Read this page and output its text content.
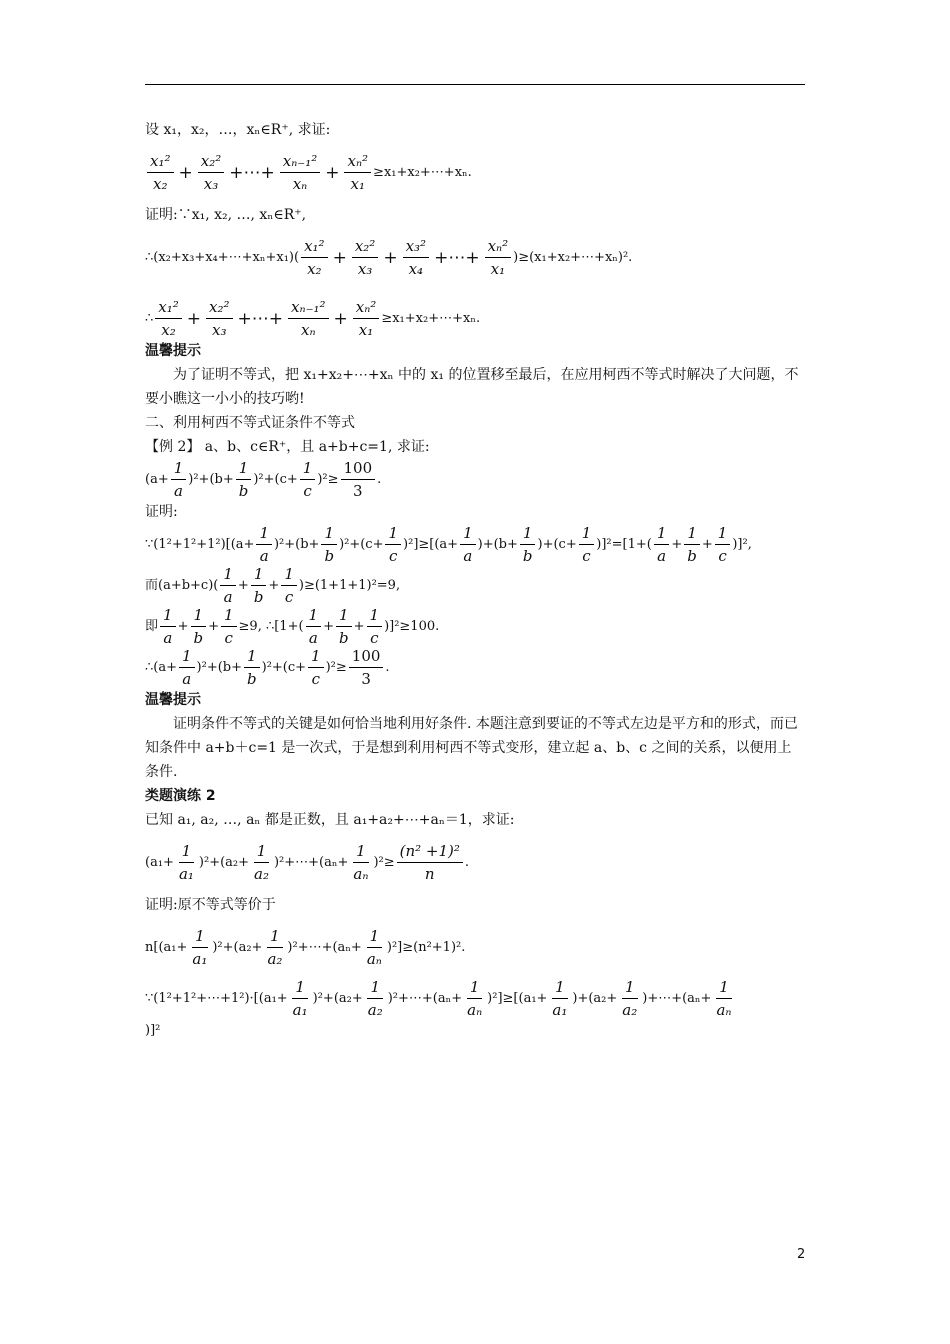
设 x₁，x₂，…，xₙ∈R⁺, 求证:
$\frac{\text{x₁²}}{\text{x₂}} + \frac{\text{x₂²}}{\text{x₃}}$ +⋯+ $\frac{\text{xₙ₋₁²}}{\text{xₙ}} + \frac{\text{xₙ²}}{\text{x₁}}$ ≥x₁+x₂+⋯+xₙ.
证明:∵x₁, x₂, …, xₙ∈R⁺,
∴(x₂+x₃+x₄+⋯+xₙ+x₁)( $\frac{\text{x₁²}}{\text{x₂}} + \frac{\text{x₂²}}{\text{x₃}} + \frac{\text{x₃²}}{\text{x₄}}$ +⋯+ $\frac{\text{xₙ²}}{\text{x₁}}$ )≥(x₁+x₂+⋯+xₙ)².
∴ $\frac{\text{x₁²}}{\text{x₂}} + \frac{\text{x₂²}}{\text{x₃}}$ +⋯+ $\frac{\text{xₙ₋₁²}}{\text{xₙ}} + \frac{\text{xₙ²}}{\text{x₁}}$ ≥x₁+x₂+⋯+xₙ.
温馨提示
为了证明不等式，把 x₁+x₂+⋯+xₙ 中的 x₁ 的位置移至最后，在应用柯西不等式时解决了大问题，不要小瞧这一小小的技巧哟!
二、利用柯西不等式证条件不等式
【例 2】 a、b、c∈R⁺，且 a+b+c=1, 求证:
$(a+ \frac{1}{a} )^2+(b+ \frac{1}{b} )^2+(c+ \frac{1}{c} )^2\ge \frac{100}{3}$ .
证明:
∵(1²+1²+1²)[(a+ $\frac{1}{a} )^2+(b+ \frac{1}{b} )^2+(c+ \frac{1}{c} )^2]\ge[(a+ \frac{1}{a} )+(b+ \frac{1}{b} )+(c+ \frac{1}{c} )]^2=[1+( \frac{1}{a} + \frac{1}{b} + \frac{1}{c} )]^2$,
而$(a+b+c)( \frac{1}{a} + \frac{1}{b} + \frac{1}{c} )\ge(1+1+1)^2=9$,
即 $\frac{1}{a} + \frac{1}{b} + \frac{1}{c} \ge 9$, ∴[1+( $\frac{1}{a} + \frac{1}{b} + \frac{1}{c} )]^2\ge 100$.
∴(a+ $\frac{1}{a} )^2+(b+ \frac{1}{b} )^2+(c+ \frac{1}{c} )^2\ge \frac{100}{3}$ .
温馨提示
证明条件不等式的关键是如何恰当地利用好条件. 本题注意到要证的不等式左边是平方和的形式，而已知条件中 a+b＋c=1 是一次式，于是想到利用柯西不等式变形，建立起 a、b、c 之间的关系，以便用上条件.
类题演练 2
已知 a₁, a₂, …, aₙ 都是正数，且 a₁+a₂+⋯+aₙ＝1，求证:
$(a_1+ \frac{1}{\text{a₁}} )^2+(a_2+ \frac{1}{\text{a₂}}$ )²+⋯+(aₙ+ $\frac{1}{\text{aₙ}} )^2\ge \frac{\text{(n² +1)²}}{n}$ .
证明:原不等式等价于
$n[(a_1+ \frac{1}{\text{a₁}} )^2+(a_2+ \frac{1}{\text{a₂}}$ )²+⋯+(aₙ+ $\frac{1}{\text{aₙ}} )^2]\ge(n^2+1)^2$.
∵(1²+1²+⋯+1²)·[(a₁+ $\frac{1}{\text{a₁}} )^2+(a_2+ \frac{1}{\text{a₂}}$ )²+⋯+(aₙ+ $\frac{1}{\text{aₙ}} )^2]\ge[(a_1+ \frac{1}{\text{a₁}} )+(a_2+ \frac{1}{\text{a₂}}$ )+⋯+(aₙ+ $\frac{1}{\text{aₙ}}$
)]²
2
